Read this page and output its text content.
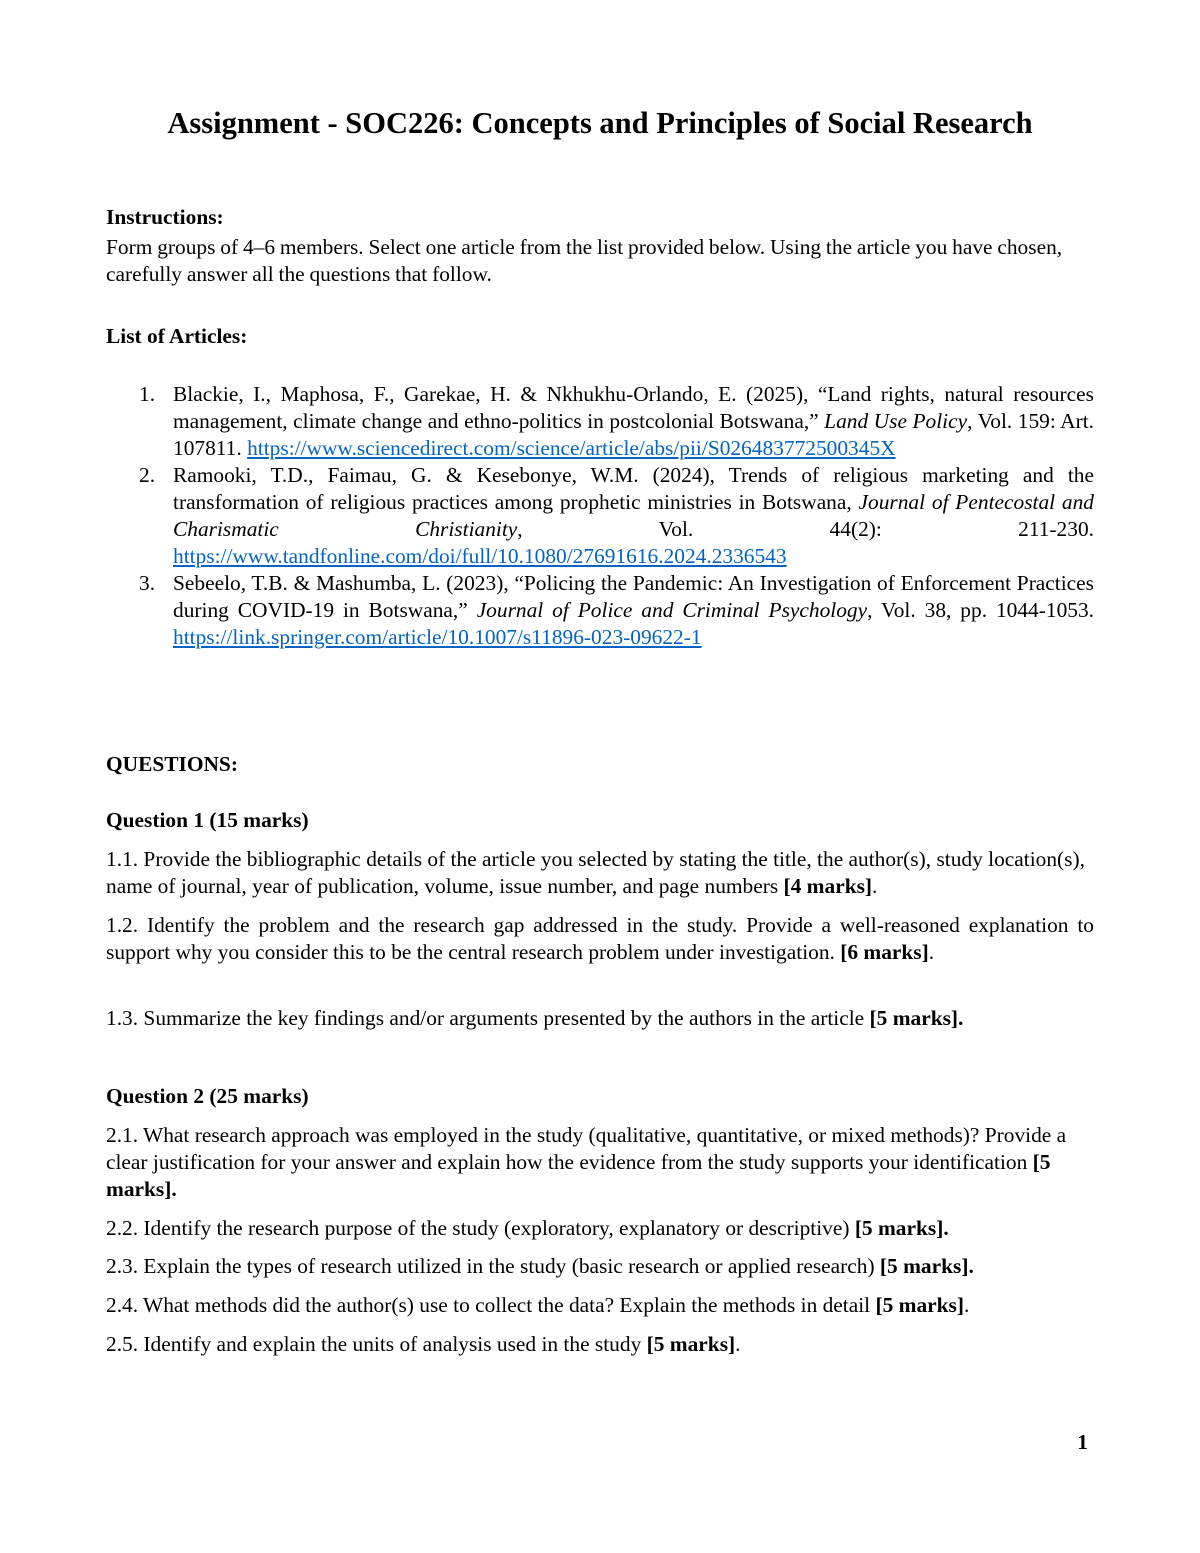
Assignment - SOC226: Concepts and Principles of Social Research

Instructions:

Form groups of 4–6 members. Select one article from the list provided below. Using the article you have chosen, carefully answer all the questions that follow.

List of Articles:

1. Blackie, I., Maphosa, F., Garekae, H. & Nkhukhu-Orlando, E. (2025), “Land rights, natural resources management, climate change and ethno-politics in postcolonial Botswana,” Land Use Policy, Vol. 159: Art. 107811. https://www.sciencedirect.com/science/article/abs/pii/S026483772500345X
2. Ramooki, T.D., Faimau, G. & Kesebonye, W.M. (2024), Trends of religious marketing and the transformation of religious practices among prophetic ministries in Botswana, Journal of Pentecostal and Charismatic Christianity, Vol. 44(2): 211-230. https://www.tandfonline.com/doi/full/10.1080/27691616.2024.2336543
3. Sebeelo, T.B. & Mashumba, L. (2023), “Policing the Pandemic: An Investigation of Enforcement Practices during COVID-19 in Botswana,” Journal of Police and Criminal Psychology, Vol. 38, pp. 1044-1053. https://link.springer.com/article/10.1007/s11896-023-09622-1

QUESTIONS:

Question 1 (15 marks)

1.1. Provide the bibliographic details of the article you selected by stating the title, the author(s), study location(s), name of journal, year of publication, volume, issue number, and page numbers [4 marks].

1.2. Identify the problem and the research gap addressed in the study. Provide a well-reasoned explanation to support why you consider this to be the central research problem under investigation. [6 marks].

1.3. Summarize the key findings and/or arguments presented by the authors in the article [5 marks].

Question 2 (25 marks)

2.1. What research approach was employed in the study (qualitative, quantitative, or mixed methods)? Provide a clear justification for your answer and explain how the evidence from the study supports your identification [5 marks].

2.2. Identify the research purpose of the study (exploratory, explanatory or descriptive) [5 marks].

2.3. Explain the types of research utilized in the study (basic research or applied research) [5 marks].

2.4. What methods did the author(s) use to collect the data? Explain the methods in detail [5 marks].

2.5. Identify and explain the units of analysis used in the study [5 marks].

1
